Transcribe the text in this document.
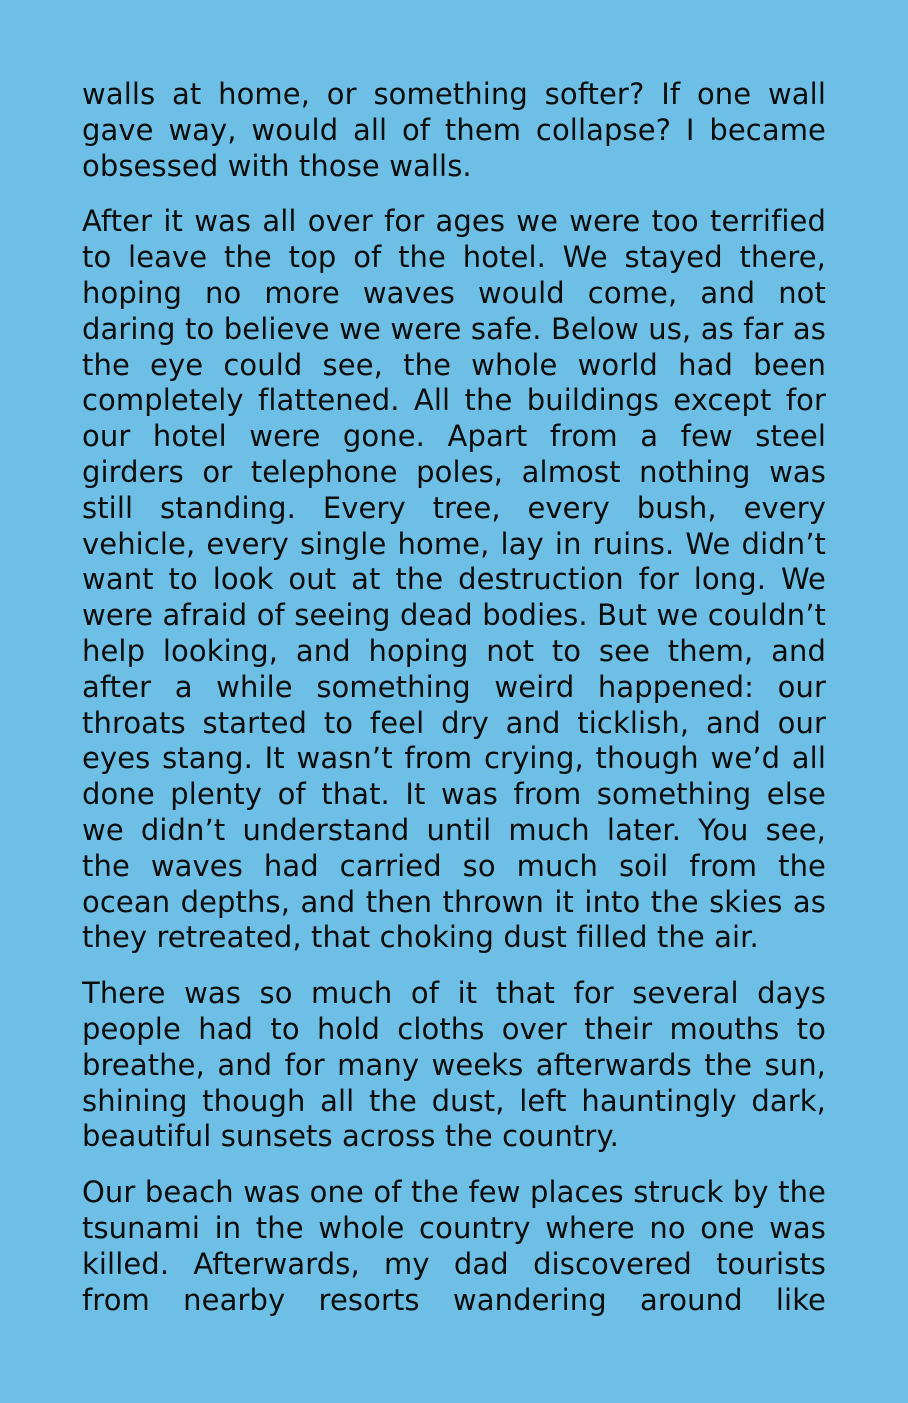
walls at home, or something softer? If one wall gave way, would all of them collapse? I became obsessed with those walls.

After it was all over for ages we were too terrified to leave the top of the hotel. We stayed there, hoping no more waves would come, and not daring to believe we were safe. Below us, as far as the eye could see, the whole world had been completely flattened. All the buildings except for our hotel were gone. Apart from a few steel girders or telephone poles, almost nothing was still standing. Every tree, every bush, every vehicle, every single home, lay in ruins. We didn’t want to look out at the destruction for long. We were afraid of seeing dead bodies. But we couldn’t help looking, and hoping not to see them, and after a while something weird happened: our throats started to feel dry and ticklish, and our eyes stang. It wasn’t from crying, though we’d all done plenty of that. It was from something else we didn’t understand until much later. You see, the waves had carried so much soil from the ocean depths, and then thrown it into the skies as they retreated, that choking dust filled the air.

There was so much of it that for several days people had to hold cloths over their mouths to breathe, and for many weeks afterwards the sun, shining though all the dust, left hauntingly dark, beautiful sunsets across the country.

Our beach was one of the few places struck by the tsunami in the whole country where no one was killed. Afterwards, my dad discovered tourists from nearby resorts wandering around like
